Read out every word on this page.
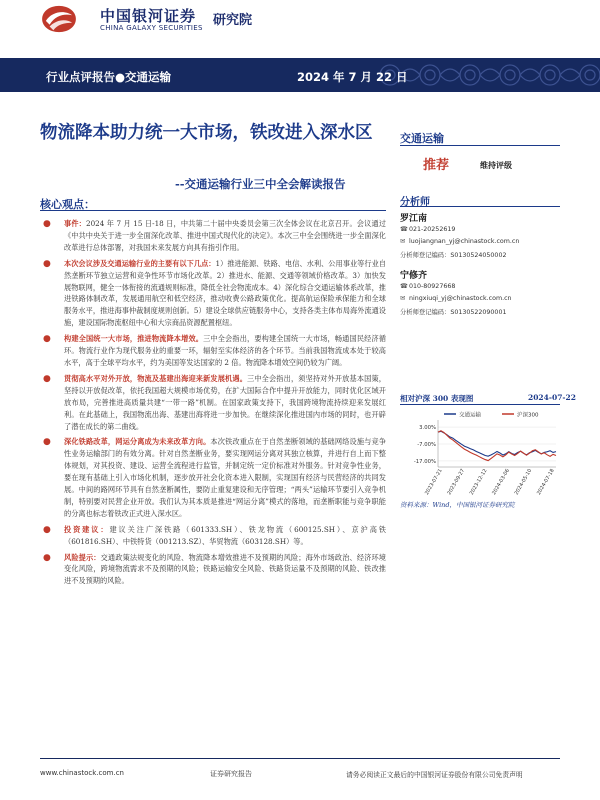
中国银河证券
CHINA GALAXY SECURITIES 研究院
行业点评报告●交通运输	2024 年 7 月 22 日
物流降本助力统一大市场，铁改进入深水区
--交通运输行业三中全会解读报告
核心观点：
● 事件：2024 年 7 月 15 日-18 日，中共第二十届中央委员会第三次全体会议在北京召开。会议通过《中共中央关于进一步全面深化改革、推进中国式现代化的决定》。本次三中全会围绕进一步全面深化改革进行总体部署，对我国未来发展方向具有指引作用。
● 本次会议涉及交通运输行业的主要有以下几点：1）推进能源、铁路、电信、水利、公用事业等行业自然垄断环节独立运营和竞争性环节市场化改革。2）推进水、能源、交通等领域价格改革。3）加快发展物联网，健全一体衔接的流通规则标准，降低全社会物流成本。4）深化综合交通运输体系改革，推进铁路体制改革，发展通用航空和低空经济，推动收费公路政策优化。提高航运保险承保能力和全球服务水平，推进海事仲裁制度规则创新。5）建设全球供应链服务中心，支持各类主体布局海外流通设施，建设国际物流枢纽中心和大宗商品资源配置枢纽。
● 构建全国统一大市场，推进物流降本增效。三中全会指出，要构建全国统一大市场，畅通国民经济循环。物流行业作为现代服务业的重要一环，辐射至实体经济的各个环节。当前我国物流成本处于较高水平，高于全球平均水平，约为美国等发达国家的 2 倍。物流降本增效空间仍较为广阔。
● 贯彻高水平对外开放，物流及基建出海迎来新发展机遇。三中全会指出，须坚持对外开放基本国策，坚持以开放促改革，依托我国超大规模市场优势，在扩大国际合作中提升开放能力，同时优化区域开放布局，完善推进高质量共建“一带一路”机制。在国家政策支持下，我国跨境物流持续迎来发展红利。在此基础上，我国物流出海、基建出海将进一步加快。在继续深化推进国内市场的同时，也开辟了潜在成长的第二曲线。
● 深化铁路改革，网运分离成为未来改革方向。本次铁改重点在于自然垄断领域的基础网络设施与竞争性业务运输部门的有效分离。针对自然垄断业务，要实现网运分离对其独立核算，并进行自上而下整体规划，对其投资、建设、运营全流程进行监管，并制定统一定价标准对外服务。针对竞争性业务，要在现有基础上引入市场化机制，逐步放开社会化资本进入限制，实现国有经济与民营经济的共同发展。中间的路网环节具有自然垄断属性，要防止重复建设和无序管理；“两头”运输环节要引入竞争机制，特别要对民营企业开放。我们认为其本质是推进“网运分离”模式的落地，而垄断职能与竞争职能的分离也标志着铁改正式进入深水区。
● 投资建议：建议关注广深铁路（601333.SH）、铁龙物流（600125.SH）、京沪高铁（601816.SH）、中铁特货（001213.SZ）、华贸物流（603128.SH）等。
● 风险提示：交通政策法规变化的风险、物流降本增效推进不及预期的风险；海外市场政治、经济环境变化风险，跨境物流需求不及预期的风险；铁路运输安全风险、铁路货运量不及预期的风险、铁改推进不及预期的风险。
交通运输
推荐	维持评级
分析师
罗江南
☎021-20252619
✉ luojiangnan_yj@chinastock.com.cn
分析师登记编码：S0130524050002
宁修齐
☎010-80927668
✉ ningxiuqi_yj@chinastock.com.cn
分析师登记编码：S0130522090001
相对沪深 300 表现图	2024-07-22
交通运输	沪深300
3.00%
-7.00%
-17.00%
2023-07-21 2023-09-27 2023-12-12 2024-03-06 2024-05-10 2024-07-18
资料来源：Wind，中国银河证券研究院
www.chinastock.com.cn	证券研究报告	请务必阅读正文最后的中国银河证券股份有限公司免责声明
